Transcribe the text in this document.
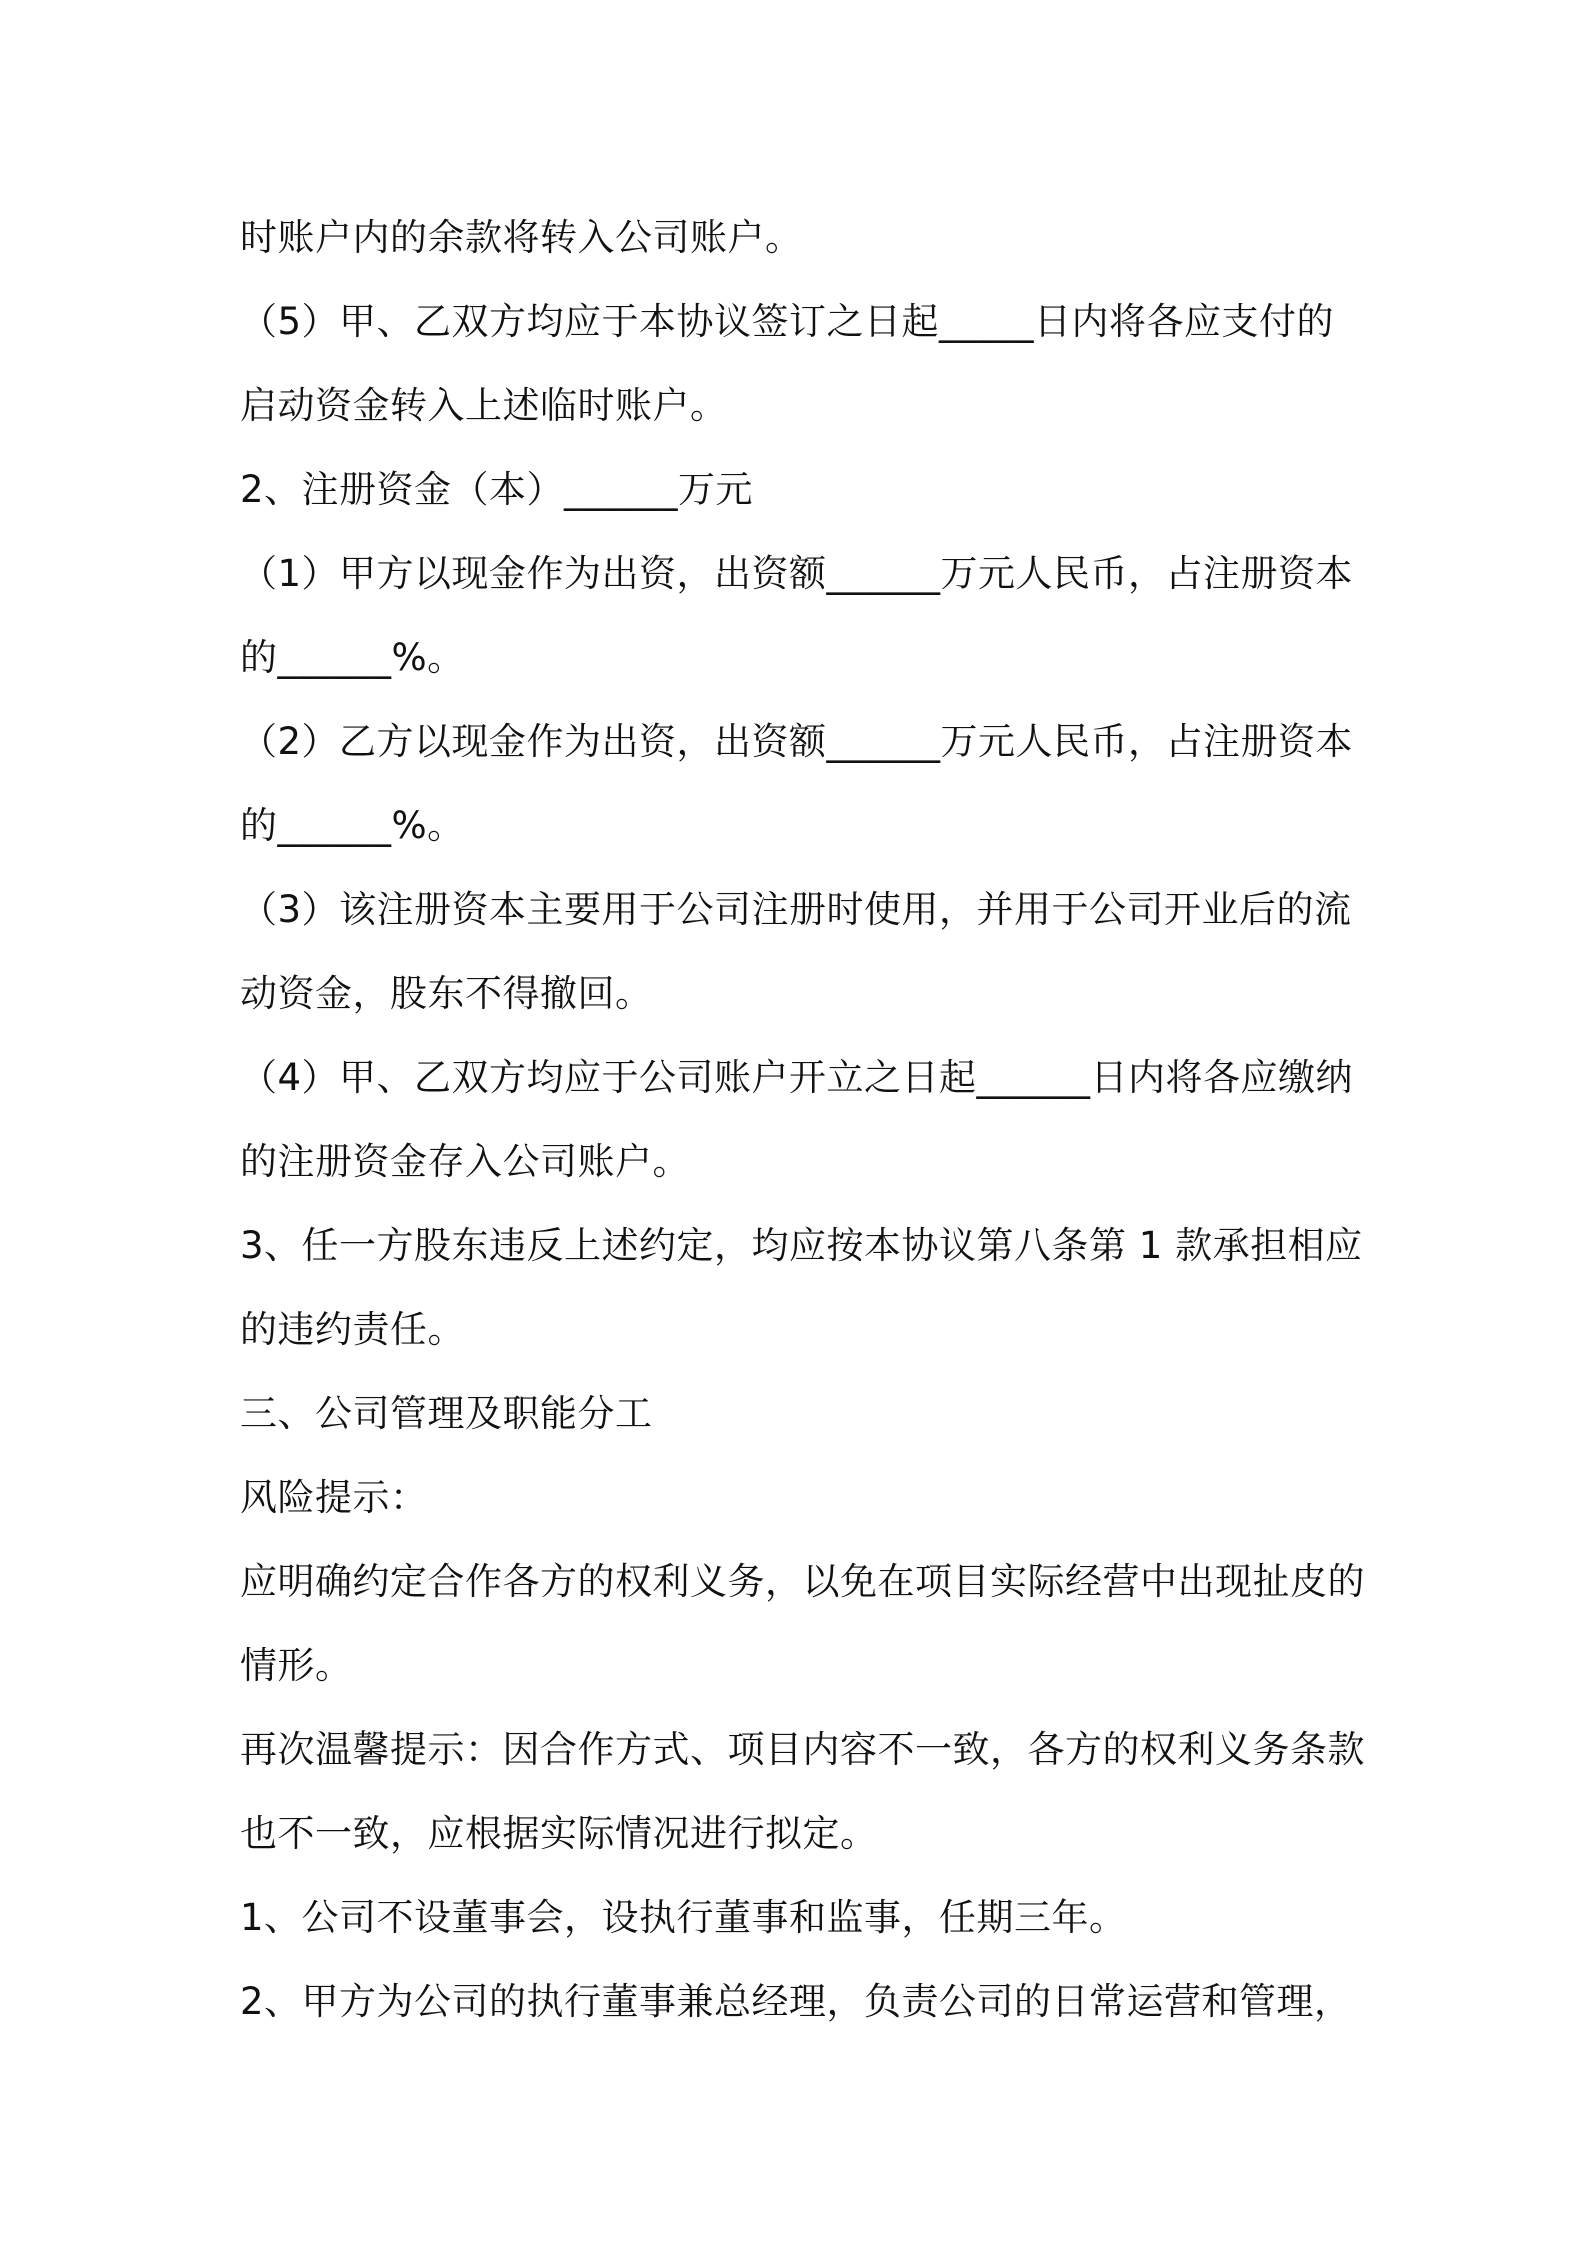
时账户内的余款将转入公司账户。
（5）甲、乙双方均应于本协议签订之日起_____日内将各应支付的
启动资金转入上述临时账户。
2、注册资金（本）______万元
（1）甲方以现金作为出资，出资额______万元人民币，占注册资本
的______%。
（2）乙方以现金作为出资，出资额______万元人民币，占注册资本
的______%。
（3）该注册资本主要用于公司注册时使用，并用于公司开业后的流
动资金，股东不得撤回。
（4）甲、乙双方均应于公司账户开立之日起______日内将各应缴纳
的注册资金存入公司账户。
3、任一方股东违反上述约定，均应按本协议第八条第 1 款承担相应
的违约责任。
三、公司管理及职能分工
风险提示：
应明确约定合作各方的权利义务，以免在项目实际经营中出现扯皮的
情形。
再次温馨提示：因合作方式、项目内容不一致，各方的权利义务条款
也不一致，应根据实际情况进行拟定。
1、公司不设董事会，设执行董事和监事，任期三年。
2、甲方为公司的执行董事兼总经理，负责公司的日常运营和管理，
